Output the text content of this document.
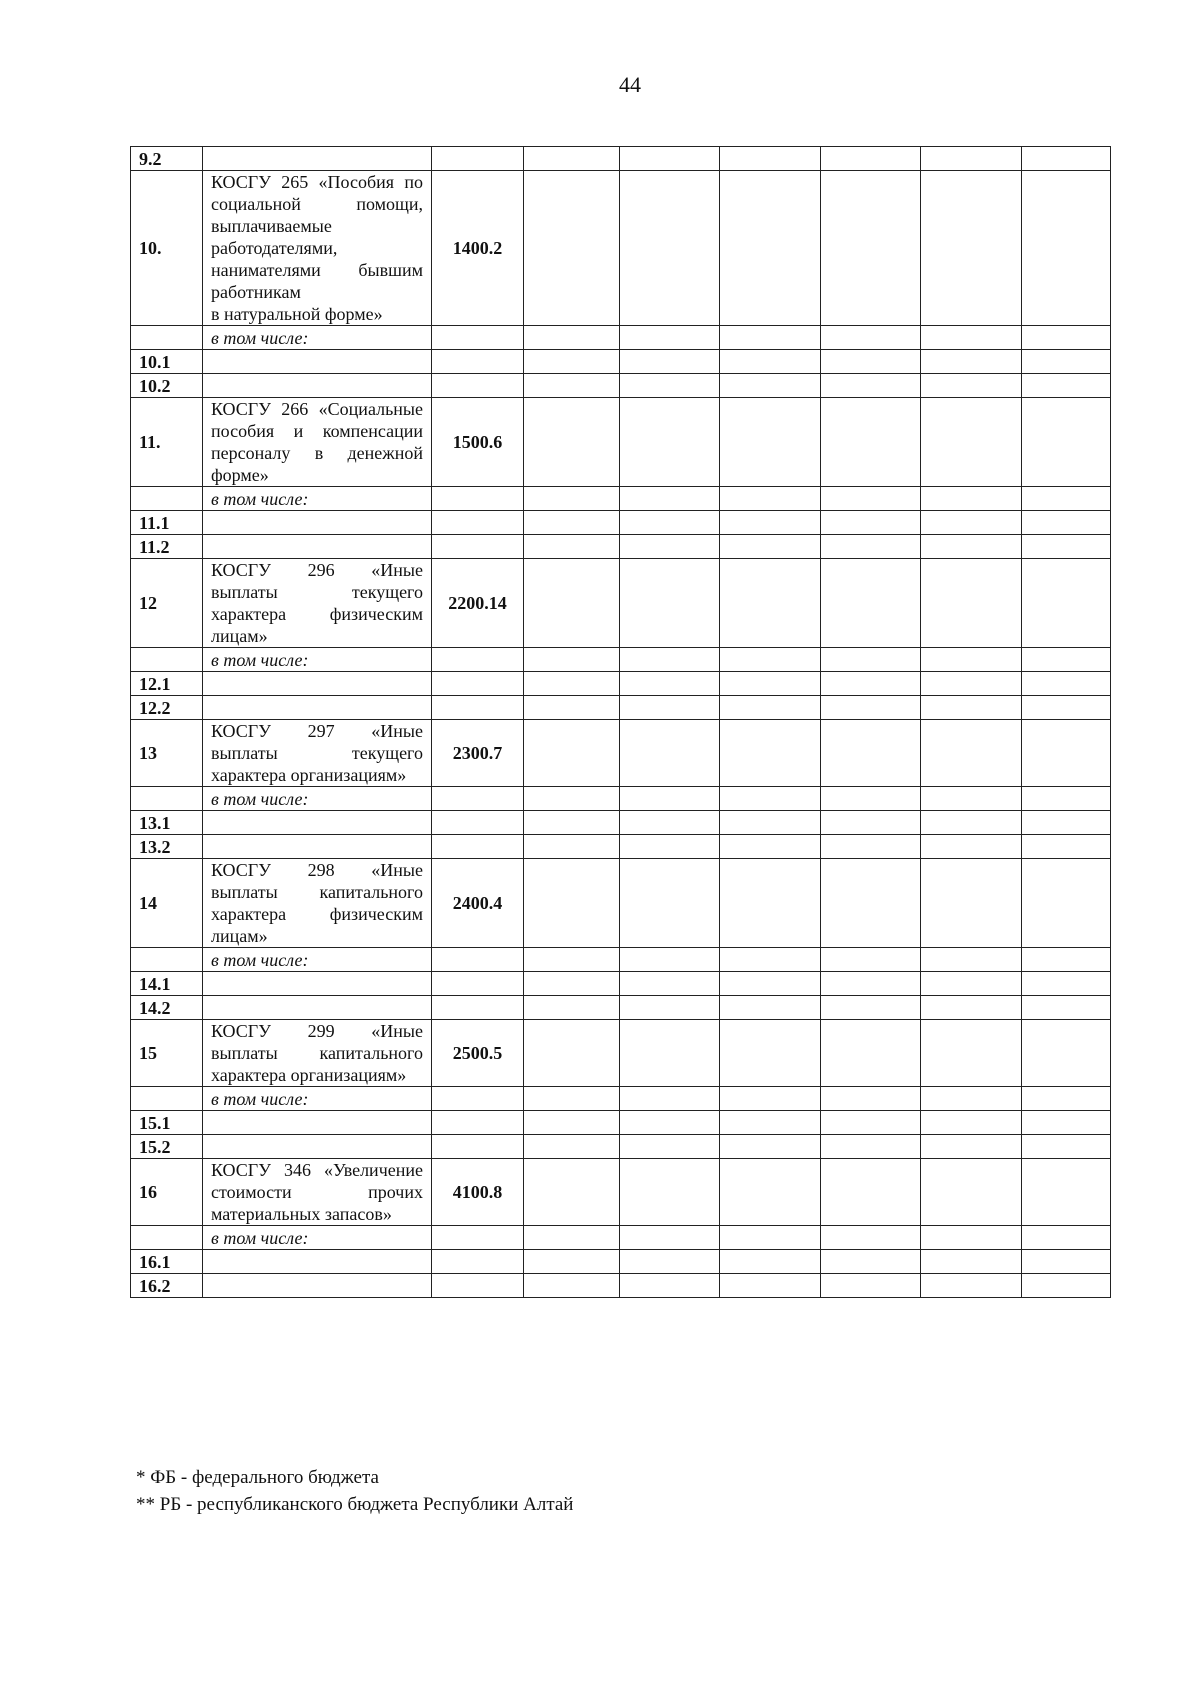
44
9.2								
10.	КОСГУ 265 «Пособия по социальной помощи, выплачиваемые работодателями, нанимателями бывшим работникам
в натуральной форме»	1400.2						
	в том числе:							
10.1								
10.2								
11.	КОСГУ 266 «Социальные пособия и компенсации персоналу в денежной форме»	1500.6						
	в том числе:							
11.1								
11.2								
12	КОСГУ 296 «Иные выплаты текущего характера физическим лицам»	2200.14						
	в том числе:							
12.1								
12.2								
13	КОСГУ 297 «Иные выплаты текущего характера организациям»	2300.7						
	в том числе:							
13.1								
13.2								
14	КОСГУ 298 «Иные выплаты капитального характера физическим лицам»	2400.4						
	в том числе:							
14.1								
14.2								
15	КОСГУ 299 «Иные выплаты капитального характера организациям»	2500.5						
	в том числе:							
15.1								
15.2								
16	КОСГУ 346 «Увеличение стоимости прочих материальных запасов»	4100.8						
	в том числе:							
16.1								
16.2								
* ФБ - федерального бюджета
** РБ - республиканского бюджета Республики Алтай
